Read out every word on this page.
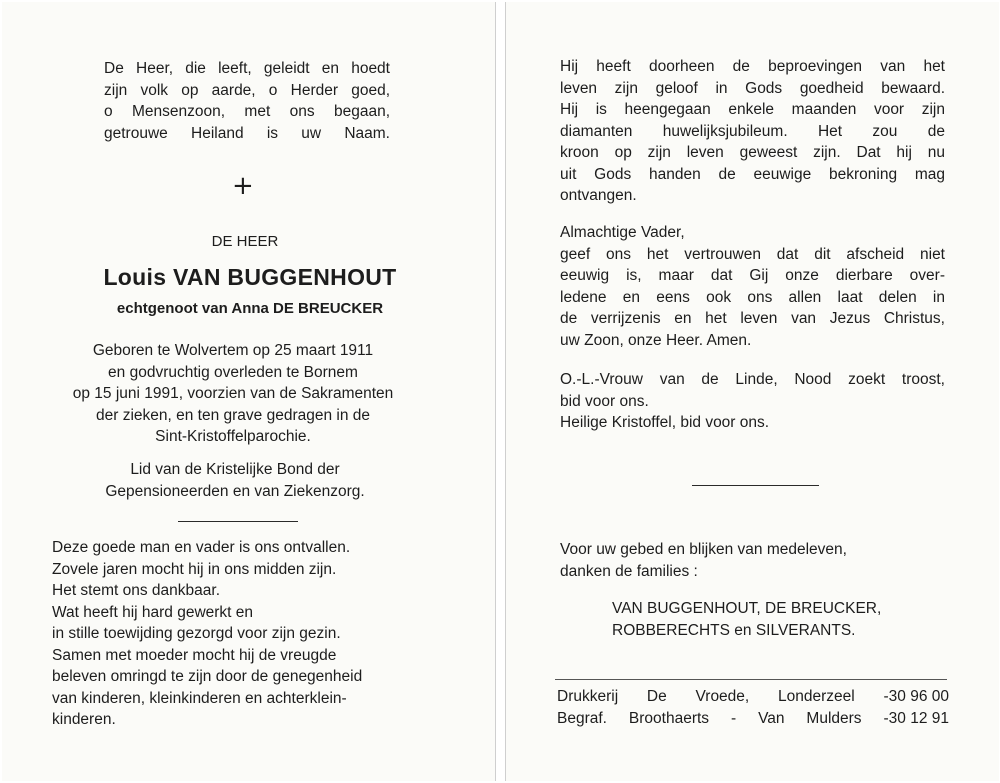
De Heer, die leeft, geleidt en hoedt
zijn volk op aarde, o Herder goed,
o Mensenzoon, met ons begaan,
getrouwe Heiland is uw Naam.
+
DE HEER
Louis VAN BUGGENHOUT
echtgenoot van Anna DE BREUCKER
Geboren te Wolvertem op 25 maart 1911
en godvruchtig overleden te Bornem
op 15 juni 1991, voorzien van de Sakramenten
der zieken, en ten grave gedragen in de
Sint-Kristoffelparochie.
Lid van de Kristelijke Bond der
Gepensioneerden en van Ziekenzorg.
Deze goede man en vader is ons ontvallen.
Zovele jaren mocht hij in ons midden zijn.
Het stemt ons dankbaar.
Wat heeft hij hard gewerkt en
in stille toewijding gezorgd voor zijn gezin.
Samen met moeder mocht hij de vreugde
beleven omringd te zijn door de genegenheid
van kinderen, kleinkinderen en achterklein-
kinderen.
Hij heeft doorheen de beproevingen van het
leven zijn geloof in Gods goedheid bewaard.
Hij is heengegaan enkele maanden voor zijn
diamanten huwelijksjubileum. Het zou de
kroon op zijn leven geweest zijn. Dat hij nu
uit Gods handen de eeuwige bekroning mag
ontvangen.
Almachtige Vader,
geef ons het vertrouwen dat dit afscheid niet
eeuwig is, maar dat Gij onze dierbare over-
ledene en eens ook ons allen laat delen in
de verrijzenis en het leven van Jezus Christus,
uw Zoon, onze Heer. Amen.
O.-L.-Vrouw van de Linde, Nood zoekt troost,
bid voor ons.
Heilige Kristoffel, bid voor ons.
Voor uw gebed en blijken van medeleven,
danken de families :
VAN BUGGENHOUT, DE BREUCKER,
ROBBERECHTS en SILVERANTS.
Drukkerij De Vroede, Londerzeel - 30 96 00
Begraf. Broothaerts - Van Mulders - 30 12 91
